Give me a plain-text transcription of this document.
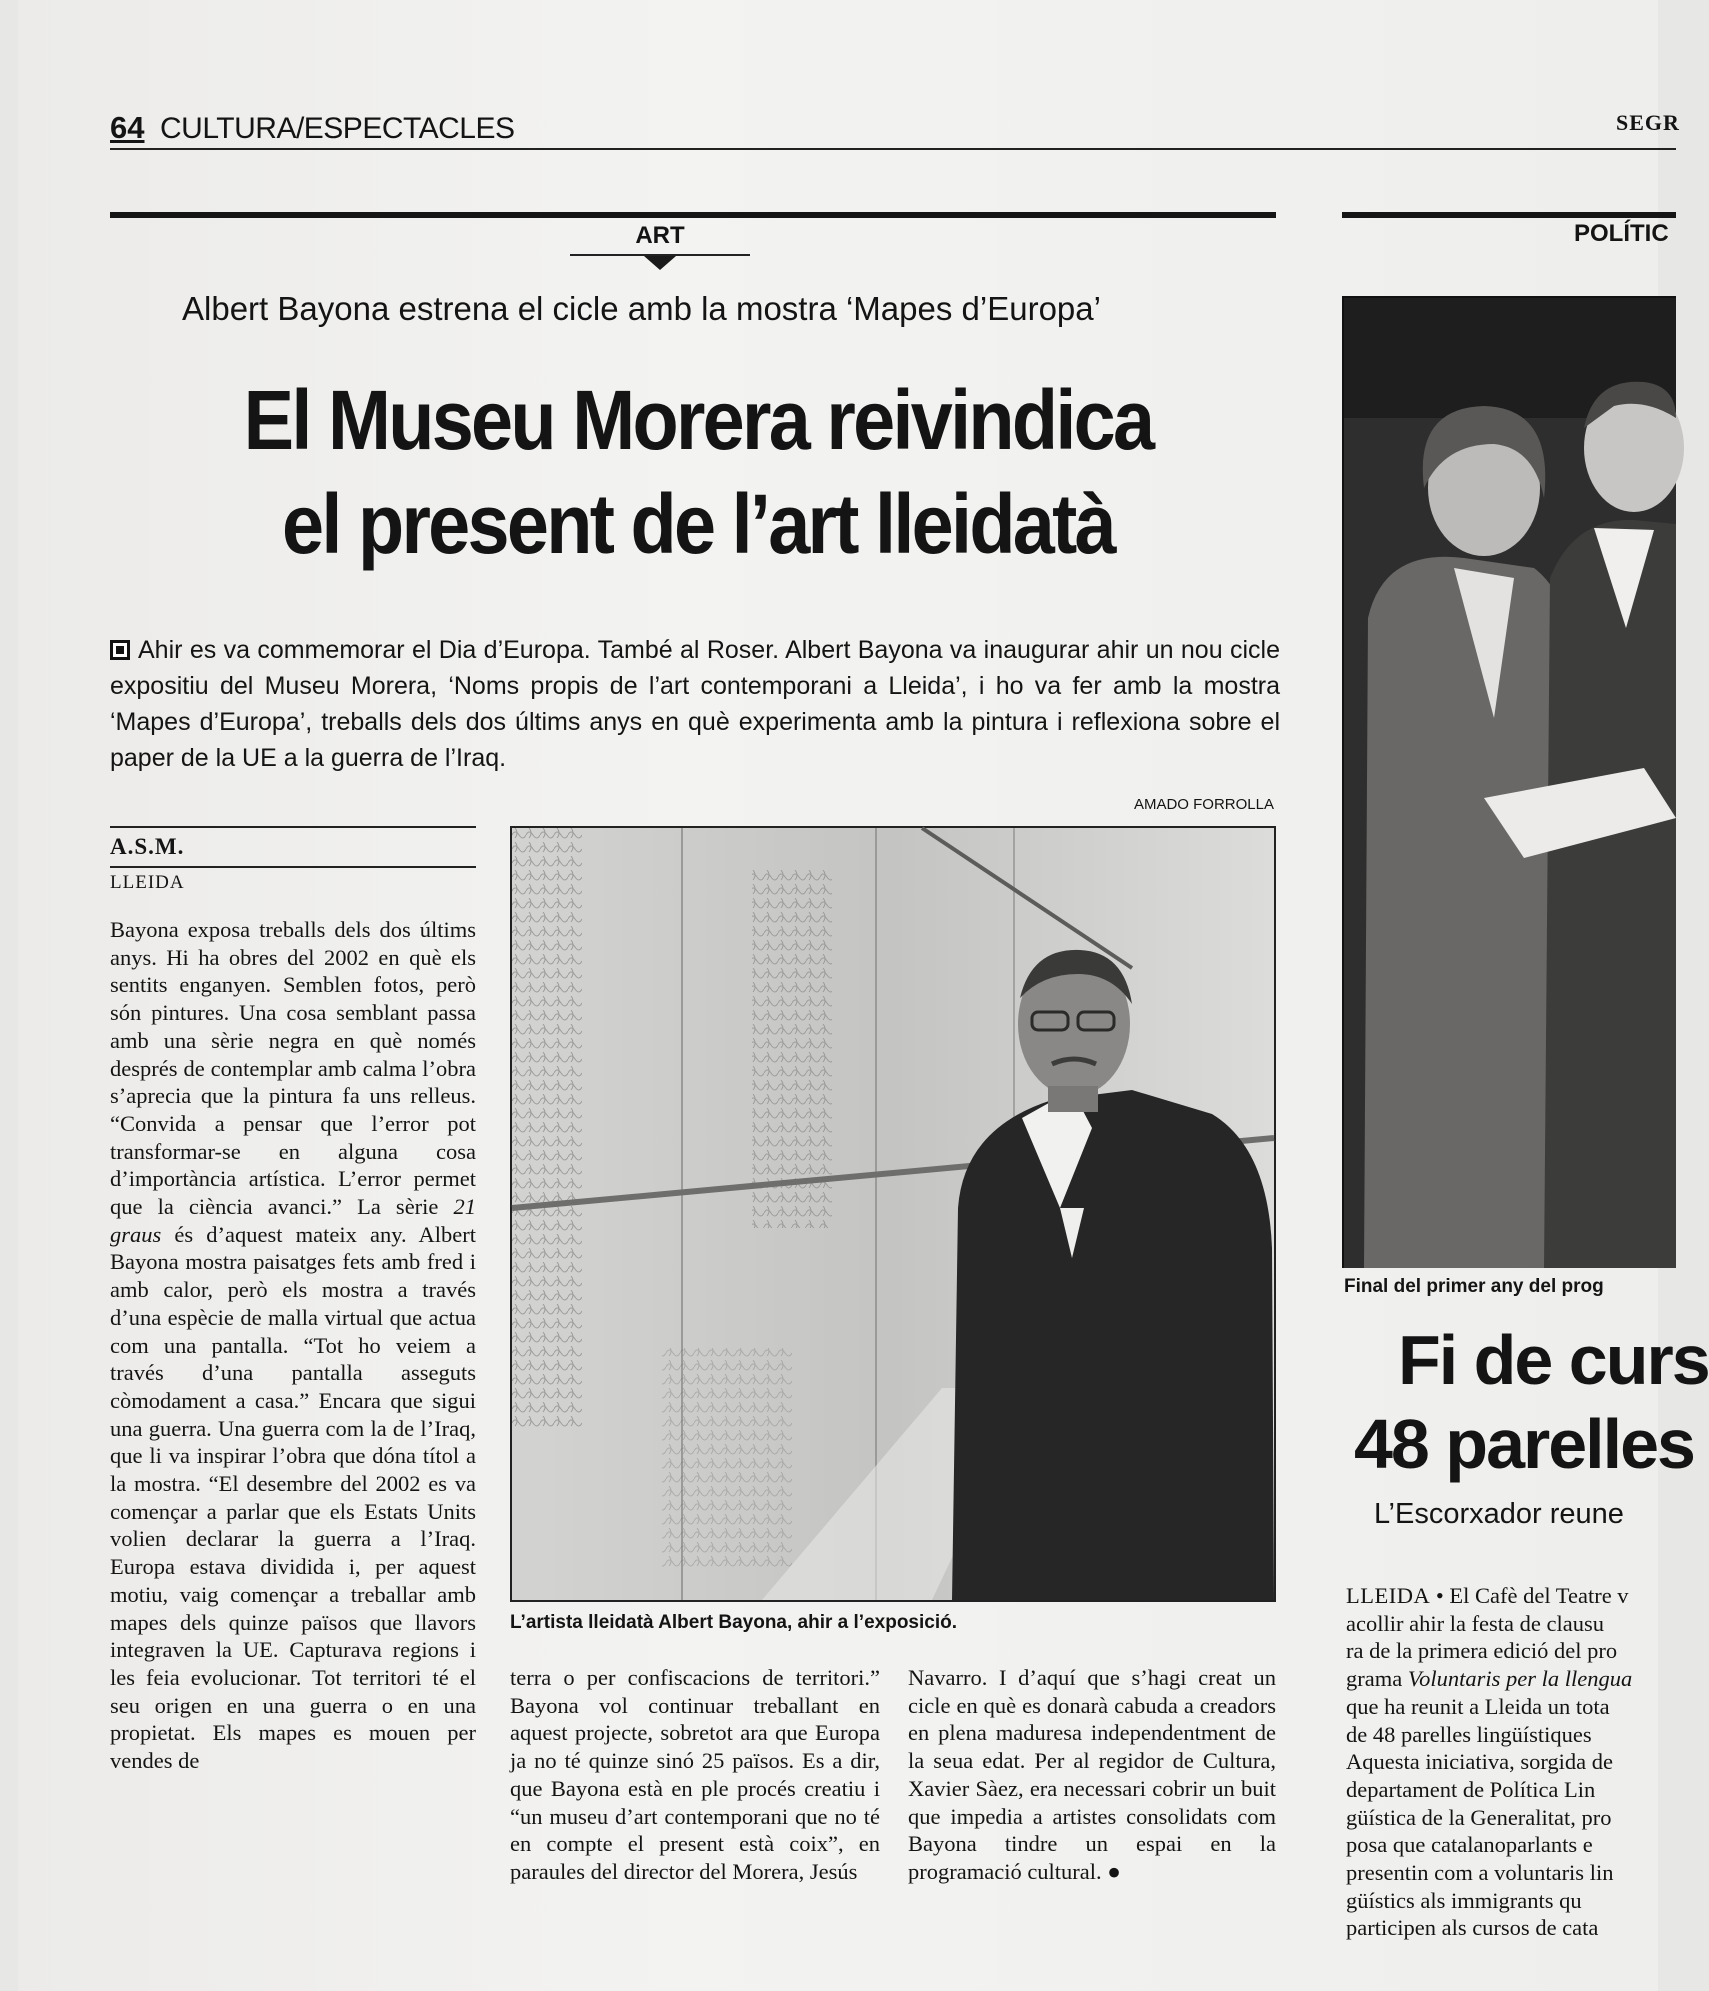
64 CULTURA/ESPECTACLES	SEGR
ART	POLÍTIC
Albert Bayona estrena el cicle amb la mostra ‘Mapes d’Europa’
El Museu Morera reivindica
el present de l’art lleidatà
Ahir es va commemorar el Dia d’Europa. També al Roser. Albert Bayona va inaugurar ahir un nou cicle expositiu del Museu Morera, ‘Noms propis de l’art contemporani a Lleida’, i ho va fer amb la mostra ‘Mapes d’Europa’, treballs dels dos últims anys en què experimenta amb la pintura i reflexiona sobre el paper de la UE a la guerra de l’Iraq.
AMADO FORROLLA
A.S.M.
LLEIDA
Bayona exposa treballs dels dos últims anys. Hi ha obres del 2002 en què els sentits enganyen. Semblen fotos, però són pintures. Una cosa semblant passa amb una sèrie negra en què només després de contemplar amb calma l’obra s’aprecia que la pintura fa uns relleus. “Convida a pensar que l’error pot transformar-se en alguna cosa d’importància artística. L’error permet que la ciència avanci.” La sèrie 21 graus és d’aquest mateix any. Albert Bayona mostra paisatges fets amb fred i amb calor, però els mostra a través d’una espècie de malla virtual que actua com una pantalla. “Tot ho veiem a través d’una pantalla asseguts còmodament a casa.” Encara que sigui una guerra. Una guerra com la de l’Iraq, que li va inspirar l’obra que dóna títol a la mostra. “El desembre del 2002 es va començar a parlar que els Estats Units volien declarar la guerra a l’Iraq. Europa estava dividida i, per aquest motiu, vaig començar a treballar amb mapes dels quinze països que llavors integraven la UE. Capturava regions i les feia evolucionar. Tot territori té el seu origen en una guerra o en una propietat. Els mapes es mouen per vendes de
L’artista lleidatà Albert Bayona, ahir a l’exposició.
terra o per confiscacions de territori.” Bayona vol continuar treballant en aquest projecte, sobretot ara que Europa ja no té quinze sinó 25 països. Es a dir, que Bayona està en ple procés creatiu i “un museu d’art contemporani que no té en compte el present està coix”, en paraules del director del Morera, Jesús
Navarro. I d’aquí que s’hagi creat un cicle en què es donarà cabuda a creadors en plena maduresa independentment de la seua edat. Per al regidor de Cultura, Xavier Sàez, era necessari cobrir un buit que impedia a artistes consolidats com Bayona tindre un espai en la programació cultural. ●
Final del primer any del prog
Fi de curs
48 parelles
L’Escorxador reune
LLEIDA • El Cafè del Teatre v
acollir ahir la festa de clausu
ra de la primera edició del pro
grama Voluntaris per la llengua
que ha reunit a Lleida un tota
de 48 parelles lingüístiques
Aquesta iniciativa, sorgida de
departament de Política Lin
güística de la Generalitat, pro
posa que catalanoparlants e
presentin com a voluntaris lin
güístics als immigrants qu
participen als cursos de cata
